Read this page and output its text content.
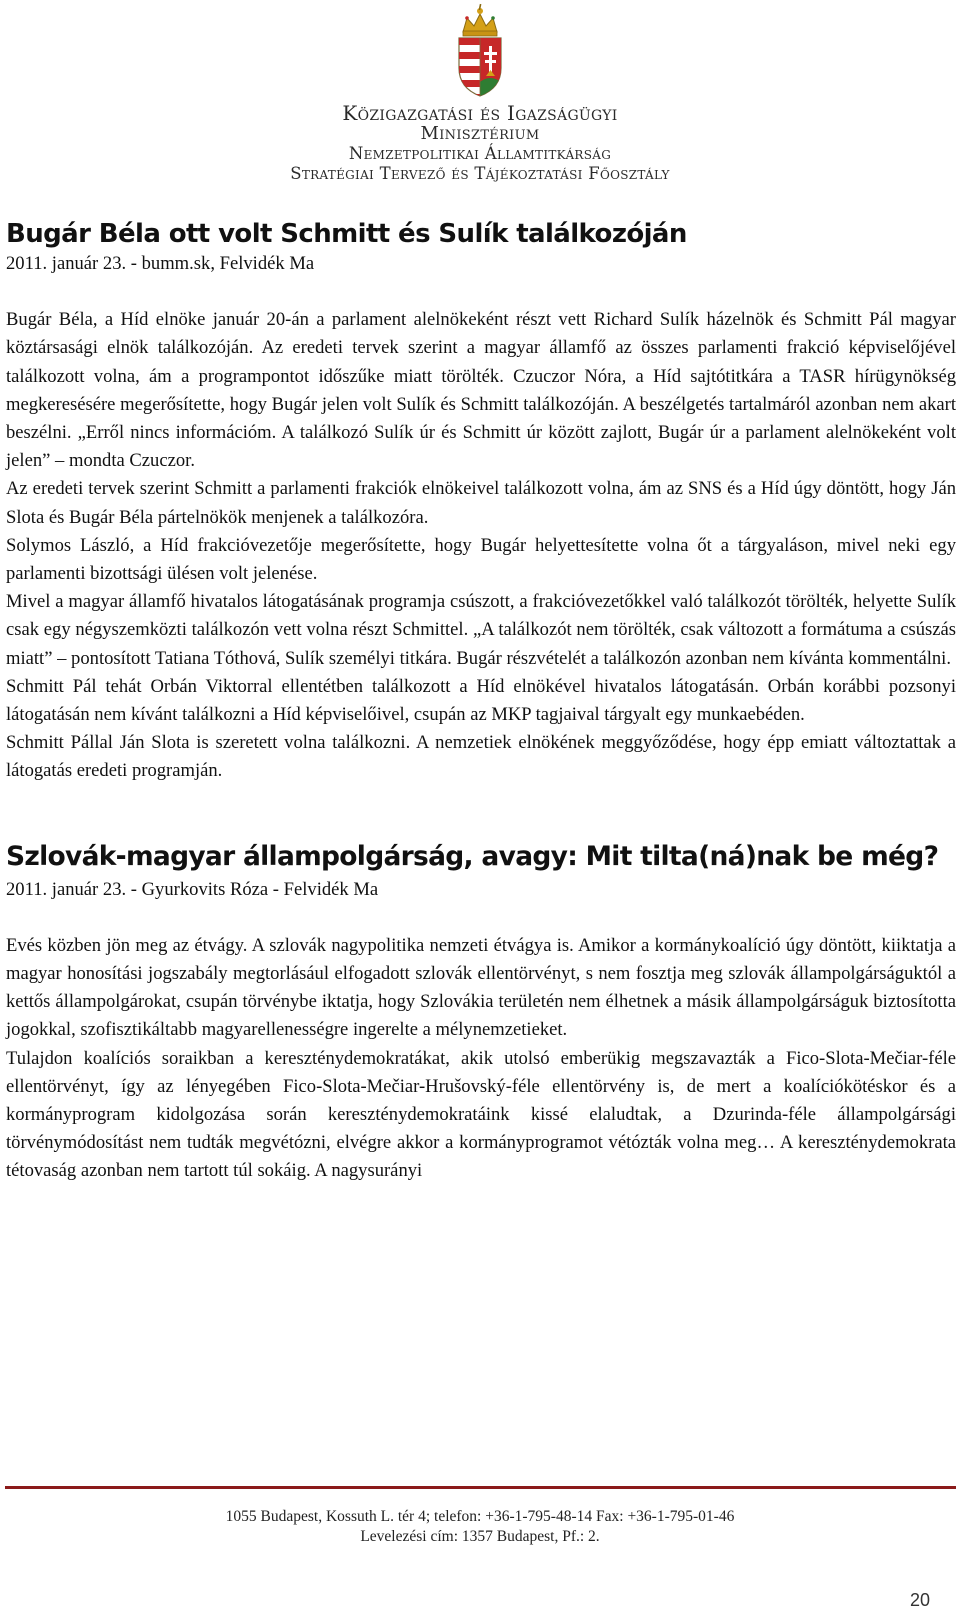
Közigazgatási és Igazságügyi
Minisztérium
Nemzetpolitikai Államtitkárság
Stratégiai Tervező és Tájékoztatási Főosztály
Bugár Béla ott volt Schmitt és Sulík találkozóján
2011. január 23. - bumm.sk, Felvidék Ma

Bugár Béla, a Híd elnöke január 20-án a parlament alelnökeként részt vett Richard Sulík házelnök és Schmitt Pál magyar köztársasági elnök találkozóján. Az eredeti tervek szerint a magyar államfő az összes parlamenti frakció képviselőjével találkozott volna, ám a programpontot időszűke miatt törölték. Czuczor Nóra, a Híd sajtótitkára a TASR hírügynökség megkeresésére megerősítette, hogy Bugár jelen volt Sulík és Schmitt találkozóján. A beszélgetés tartalmáról azonban nem akart beszélni. „Erről nincs információm. A találkozó Sulík úr és Schmitt úr között zajlott, Bugár úr a parlament alelnökeként volt jelen” – mondta Czuczor.

Az eredeti tervek szerint Schmitt a parlamenti frakciók elnökeivel találkozott volna, ám az SNS és a Híd úgy döntött, hogy Ján Slota és Bugár Béla pártelnökök menjenek a találkozóra.

Solymos László, a Híd frakcióvezetője megerősítette, hogy Bugár helyettesítette volna őt a tárgyaláson, mivel neki egy parlamenti bizottsági ülésen volt jelenése.

Mivel a magyar államfő hivatalos látogatásának programja csúszott, a frakcióvezetőkkel való találkozót törölték, helyette Sulík csak egy négyszemközti találkozón vett volna részt Schmittel. „A találkozót nem törölték, csak változott a formátuma a csúszás miatt” – pontosított Tatiana Tóthová, Sulík személyi titkára. Bugár részvételét a találkozón azonban nem kívánta kommentálni.

Schmitt Pál tehát Orbán Viktorral ellentétben találkozott a Híd elnökével hivatalos látogatásán. Orbán korábbi pozsonyi látogatásán nem kívánt találkozni a Híd képviselőivel, csupán az MKP tagjaival tárgyalt egy munkaebéden.

Schmitt Pállal Ján Slota is szeretett volna találkozni. A nemzetiek elnökének meggyőződése, hogy épp emiatt változtattak a látogatás eredeti programján.

Szlovák-magyar állampolgárság, avagy: Mit tilta(ná)nak be még?
2011. január 23. - Gyurkovits Róza - Felvidék Ma

Evés közben jön meg az étvágy. A szlovák nagypolitika nemzeti étvágya is. Amikor a kormánykoalíció úgy döntött, kiiktatja a magyar honosítási jogszabály megtorlásául elfogadott szlovák ellentörvényt, s nem fosztja meg szlovák állampolgárságuktól a kettős állampolgárokat, csupán törvénybe iktatja, hogy Szlovákia területén nem élhetnek a másik állampolgárságuk biztosította jogokkal, szofisztikáltabb magyarellenességre ingerelte a mélynemzetieket.

Tulajdon koalíciós soraikban a kereszténydemokratákat, akik utolsó emberükig megszavazták a Fico-Slota-Mečiar-féle ellentörvényt, így az lényegében Fico-Slota-Mečiar-Hrušovský-féle ellentörvény is, de mert a koalíciókötéskor és a kormányprogram kidolgozása során kereszténydemokratáink kissé elaludtak, a Dzurinda-féle állampolgársági törvénymódosítást nem tudták megvétózni, elvégre akkor a kormányprogramot vétózták volna meg… A kereszténydemokrata tétovaság azonban nem tartott túl sokáig. A nagysurányi

1055 Budapest, Kossuth L. tér 4; telefon: +36-1-795-48-14 Fax: +36-1-795-01-46
Levelezési cím: 1357 Budapest, Pf.: 2.
20
